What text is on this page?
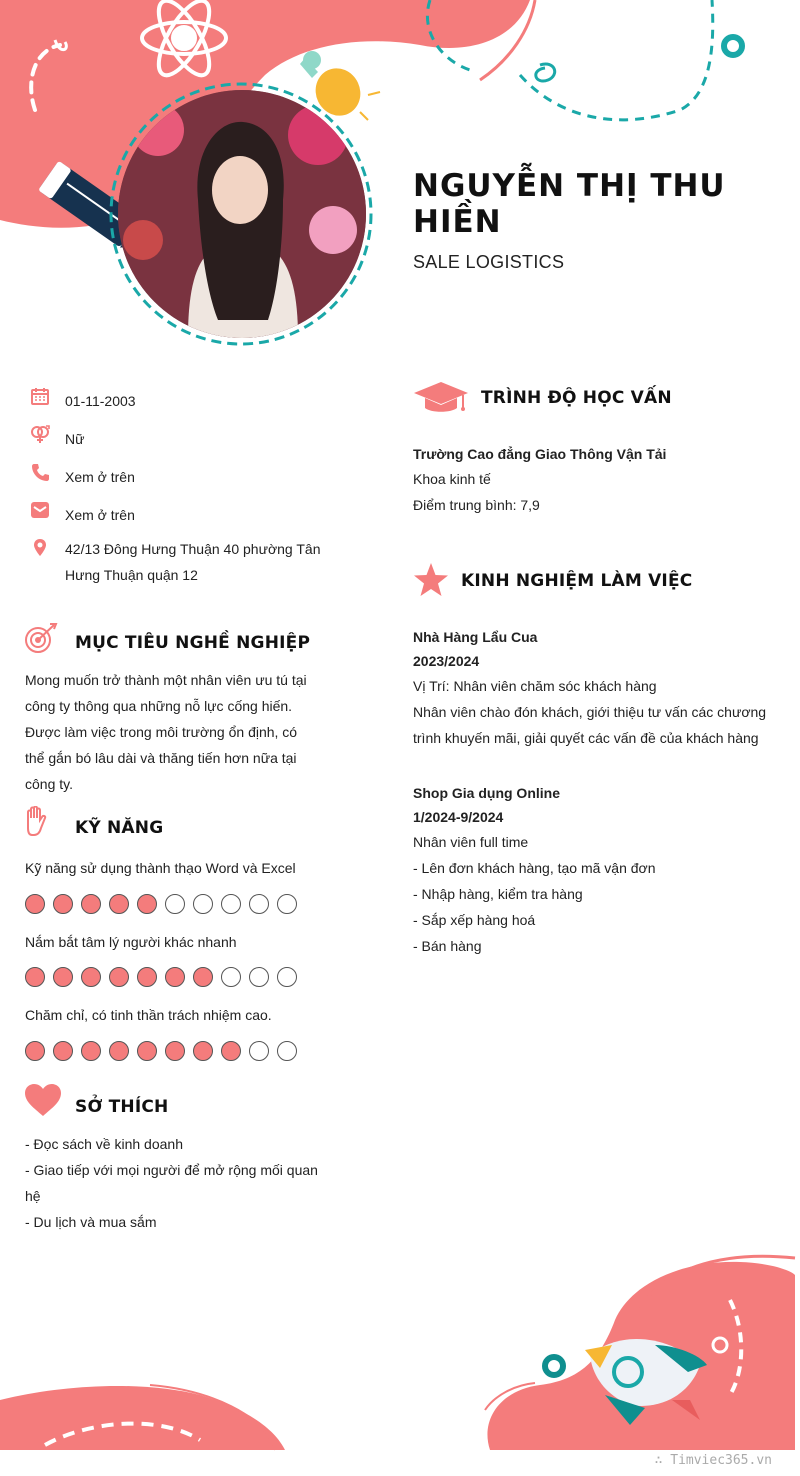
NGUYỄN THỊ THU HIỀN
SALE LOGISTICS
01-11-2003
Nữ
Xem ở trên
Xem ở trên
42/13 Đông Hưng Thuận 40 phường Tân Hưng Thuận quận 12
MỤC TIÊU NGHỀ NGHIỆP
Mong muốn trở thành một nhân viên ưu tú tại công ty thông qua những nỗ lực cống hiến. Được làm việc trong môi trường ổn định, có thể gắn bó lâu dài và thăng tiến hơn nữa tại công ty.
KỸ NĂNG
Kỹ năng sử dụng thành thạo Word và Excel
Nắm bắt tâm lý người khác nhanh
Chăm chỉ, có tinh thần trách nhiệm cao.
SỞ THÍCH
- Đọc sách về kinh doanh
- Giao tiếp với mọi người để mở rộng mối quan hệ
- Du lịch và mua sắm
TRÌNH ĐỘ HỌC VẤN
Trường Cao đẳng Giao Thông Vận Tải
Khoa kinh tế
Điểm trung bình: 7,9
KINH NGHIỆM LÀM VIỆC
Nhà Hàng Lẩu Cua
2023/2024
Vị Trí: Nhân viên chăm sóc khách hàng
Nhân viên chào đón khách, giới thiệu tư vấn các chương trình khuyến mãi, giải quyết các vấn đề của khách hàng
Shop Gia dụng Online
1/2024-9/2024
Nhân viên full time
- Lên đơn khách hàng, tạo mã vận đơn
- Nhập hàng, kiểm tra hàng
- Sắp xếp hàng hoá
- Bán hàng
∴ Timviec365.vn
